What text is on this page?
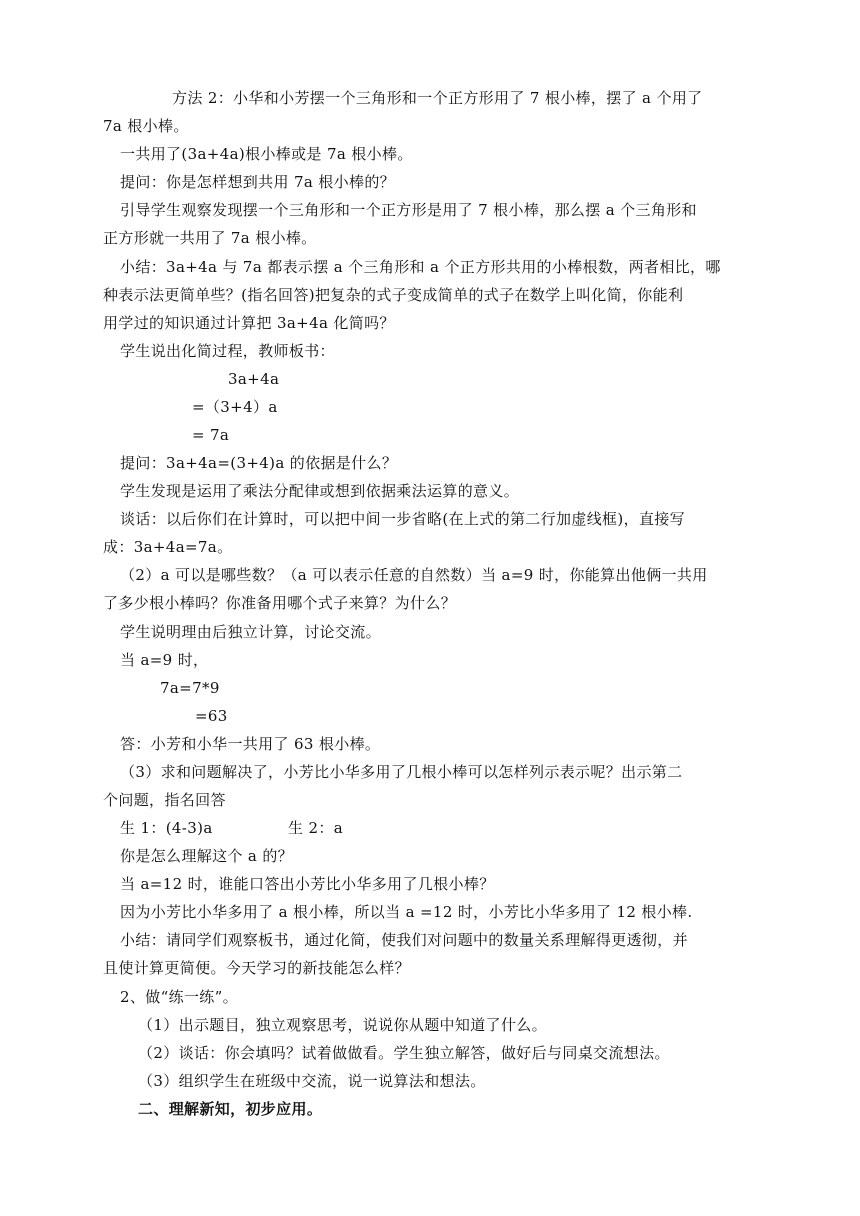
方法 2：小华和小芳摆一个三角形和一个正方形用了 7 根小棒，摆了 a 个用了
7a 根小棒。
一共用了(3a+4a)根小棒或是 7a 根小棒。
提问：你是怎样想到共用 7a 根小棒的？
引导学生观察发现摆一个三角形和一个正方形是用了 7 根小棒，那么摆 a 个三角形和
正方形就一共用了 7a 根小棒。
小结：3a+4a 与 7a 都表示摆 a 个三角形和 a 个正方形共用的小棒根数，两者相比，哪
种表示法更简单些？(指名回答)把复杂的式子变成简单的式子在数学上叫化简，你能利
用学过的知识通过计算把 3a+4a 化简吗？
学生说出化简过程，教师板书：
3a+4a
=（3+4）a
= 7a
提问：3a+4a=(3+4)a 的依据是什么？
学生发现是运用了乘法分配律或想到依据乘法运算的意义。
谈话：以后你们在计算时，可以把中间一步省略(在上式的第二行加虚线框)，直接写
成：3a+4a=7a。
（2）a 可以是哪些数？（a 可以表示任意的自然数）当 a=9 时，你能算出他俩一共用
了多少根小棒吗？你准备用哪个式子来算？为什么？
学生说明理由后独立计算，讨论交流。
当 a=9 时，
7a=7*9
=63
答：小芳和小华一共用了 63 根小棒。
（3）求和问题解决了，小芳比小华多用了几根小棒可以怎样列示表示呢？出示第二
个问题，指名回答
生 1：(4-3)a	生 2：a
你是怎么理解这个 a 的？
当 a=12 时，谁能口答出小芳比小华多用了几根小棒？
因为小芳比小华多用了 a 根小棒，所以当 a =12 时，小芳比小华多用了 12 根小棒.
小结：请同学们观察板书，通过化简，使我们对问题中的数量关系理解得更透彻，并
且使计算更简便。今天学习的新技能怎么样？
2、做“练一练”。
（1）出示题目，独立观察思考，说说你从题中知道了什么。
（2）谈话：你会填吗？试着做做看。学生独立解答，做好后与同桌交流想法。
（3）组织学生在班级中交流，说一说算法和想法。
二、理解新知，初步应用。
